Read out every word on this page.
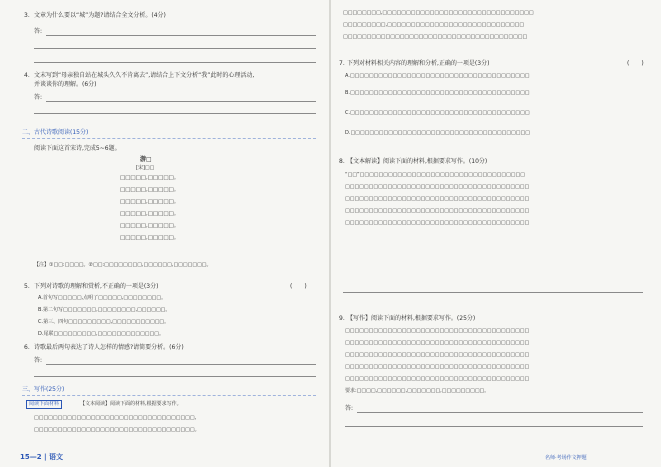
3. 文章为什么要以“城”为题?请结合全文分析。(4分)
答:
4. 文末写到“母亲独自站在城头久久不肯离去”,请结合上下文分析“我”此时的心理活动,
并谈谈你的理解。(6分)
答:
二、古代诗歌阅读(15分)
阅读下面这首宋诗,完成5~6题。
游□
[宋]□□
□□□□□,□□□□□。
□□□□□,□□□□□。
□□□□□,□□□□□。
□□□□□,□□□□□。
□□□□□,□□□□□。
□□□□□,□□□□□。
【注】①□□:□□□□。②□□:□□□□□□□□,□□□□□□,□□□□□□□。
5. 下列对诗歌的理解和赏析,不正确的一项是(3分)	(　　)
A.首句写□□□□□,点明了□□□□□,□□□□□□□□。
B.第二句写□□□□□□□,□□□□□□□□,□□□□□□。
C.第三、四句□□□□□□□□□,□□□□□□□□□□□。
D.尾联□□□□□□□□□,□□□□□□□□□□□□□。
6. 诗歌最后两句表达了诗人怎样的情感?请简要分析。(6分)
答:
三、写作(25分)
阅读下面材料	【文本阅读】阅读下面的材料,根据要求写作。
□□□□□□□□□□□□□□□□□□□□□□□□□□□□□□□□□□,
□□□□□□□□□□□□□□□□□□□□□□□□□□□□□□□□□□。
15—2 | 语文
□□□□□□□□,□□□□□□□□□□□□□□□□□□□□□□□□□□□□□□□□
□□□□□□□□□,□□□□□□□□□□□□□□□□□□□□□□□□□□□□□
□□□□□□□□□□□□□□□□□□□□□□□□□□□□□□□□□□□□□□□
7. 下列对材料相关内容的理解和分析,正确的一项是(3分)	(　　)
A.□□□□□□□□□□□□□□□□□□□□□□□□□□□□□□□□□□□□□□
B.□□□□□□□□□□□□□□□□□□□□□□□□□□□□□□□□□□□□□□
C.□□□□□□□□□□□□□□□□□□□□□□□□□□□□□□□□□□□□□□
D.□□□□□□□□□□□□□□□□□□□□□□□□□□□□□□□□□□□□□□
8. 【文本解读】阅读下面的材料,根据要求写作。(10分)
“□□”□□□□□□□□□□□□□□□□□□□□□□□□□□□□□□□□□□□
□□□□□□□□□□□□□□□□□□□□□□□□□□□□□□□□□□□□□□□
□□□□□□□□□□□□□□□□□□□□□□□□□□□□□□□□□□□□□□□
□□□□□□□□□□□□□□□□□□□□□□□□□□□□□□□□□□□□□□□
□□□□□□□□□□□□□□□□□□□□□□□□□□□□□□□□□□□□□□□
9. 【写作】阅读下面的材料,根据要求写作。(25分)
□□□□□□□□□□□□□□□□□□□□□□□□□□□□□□□□□□□□□□□
□□□□□□□□□□□□□□□□□□□□□□□□□□□□□□□□□□□□□□□
□□□□□□□□□□□□□□□□□□□□□□□□□□□□□□□□□□□□□□□
□□□□□□□□□□□□□□□□□□□□□□□□□□□□□□□□□□□□□□□
□□□□□□□□□□□□□□□□□□□□□□□□□□□□□□□□□□□□□□□
要求:□□□□,□□□□□□,□□□□□□□,□□□□□□□□□。
答:
名师·考场作文押题
